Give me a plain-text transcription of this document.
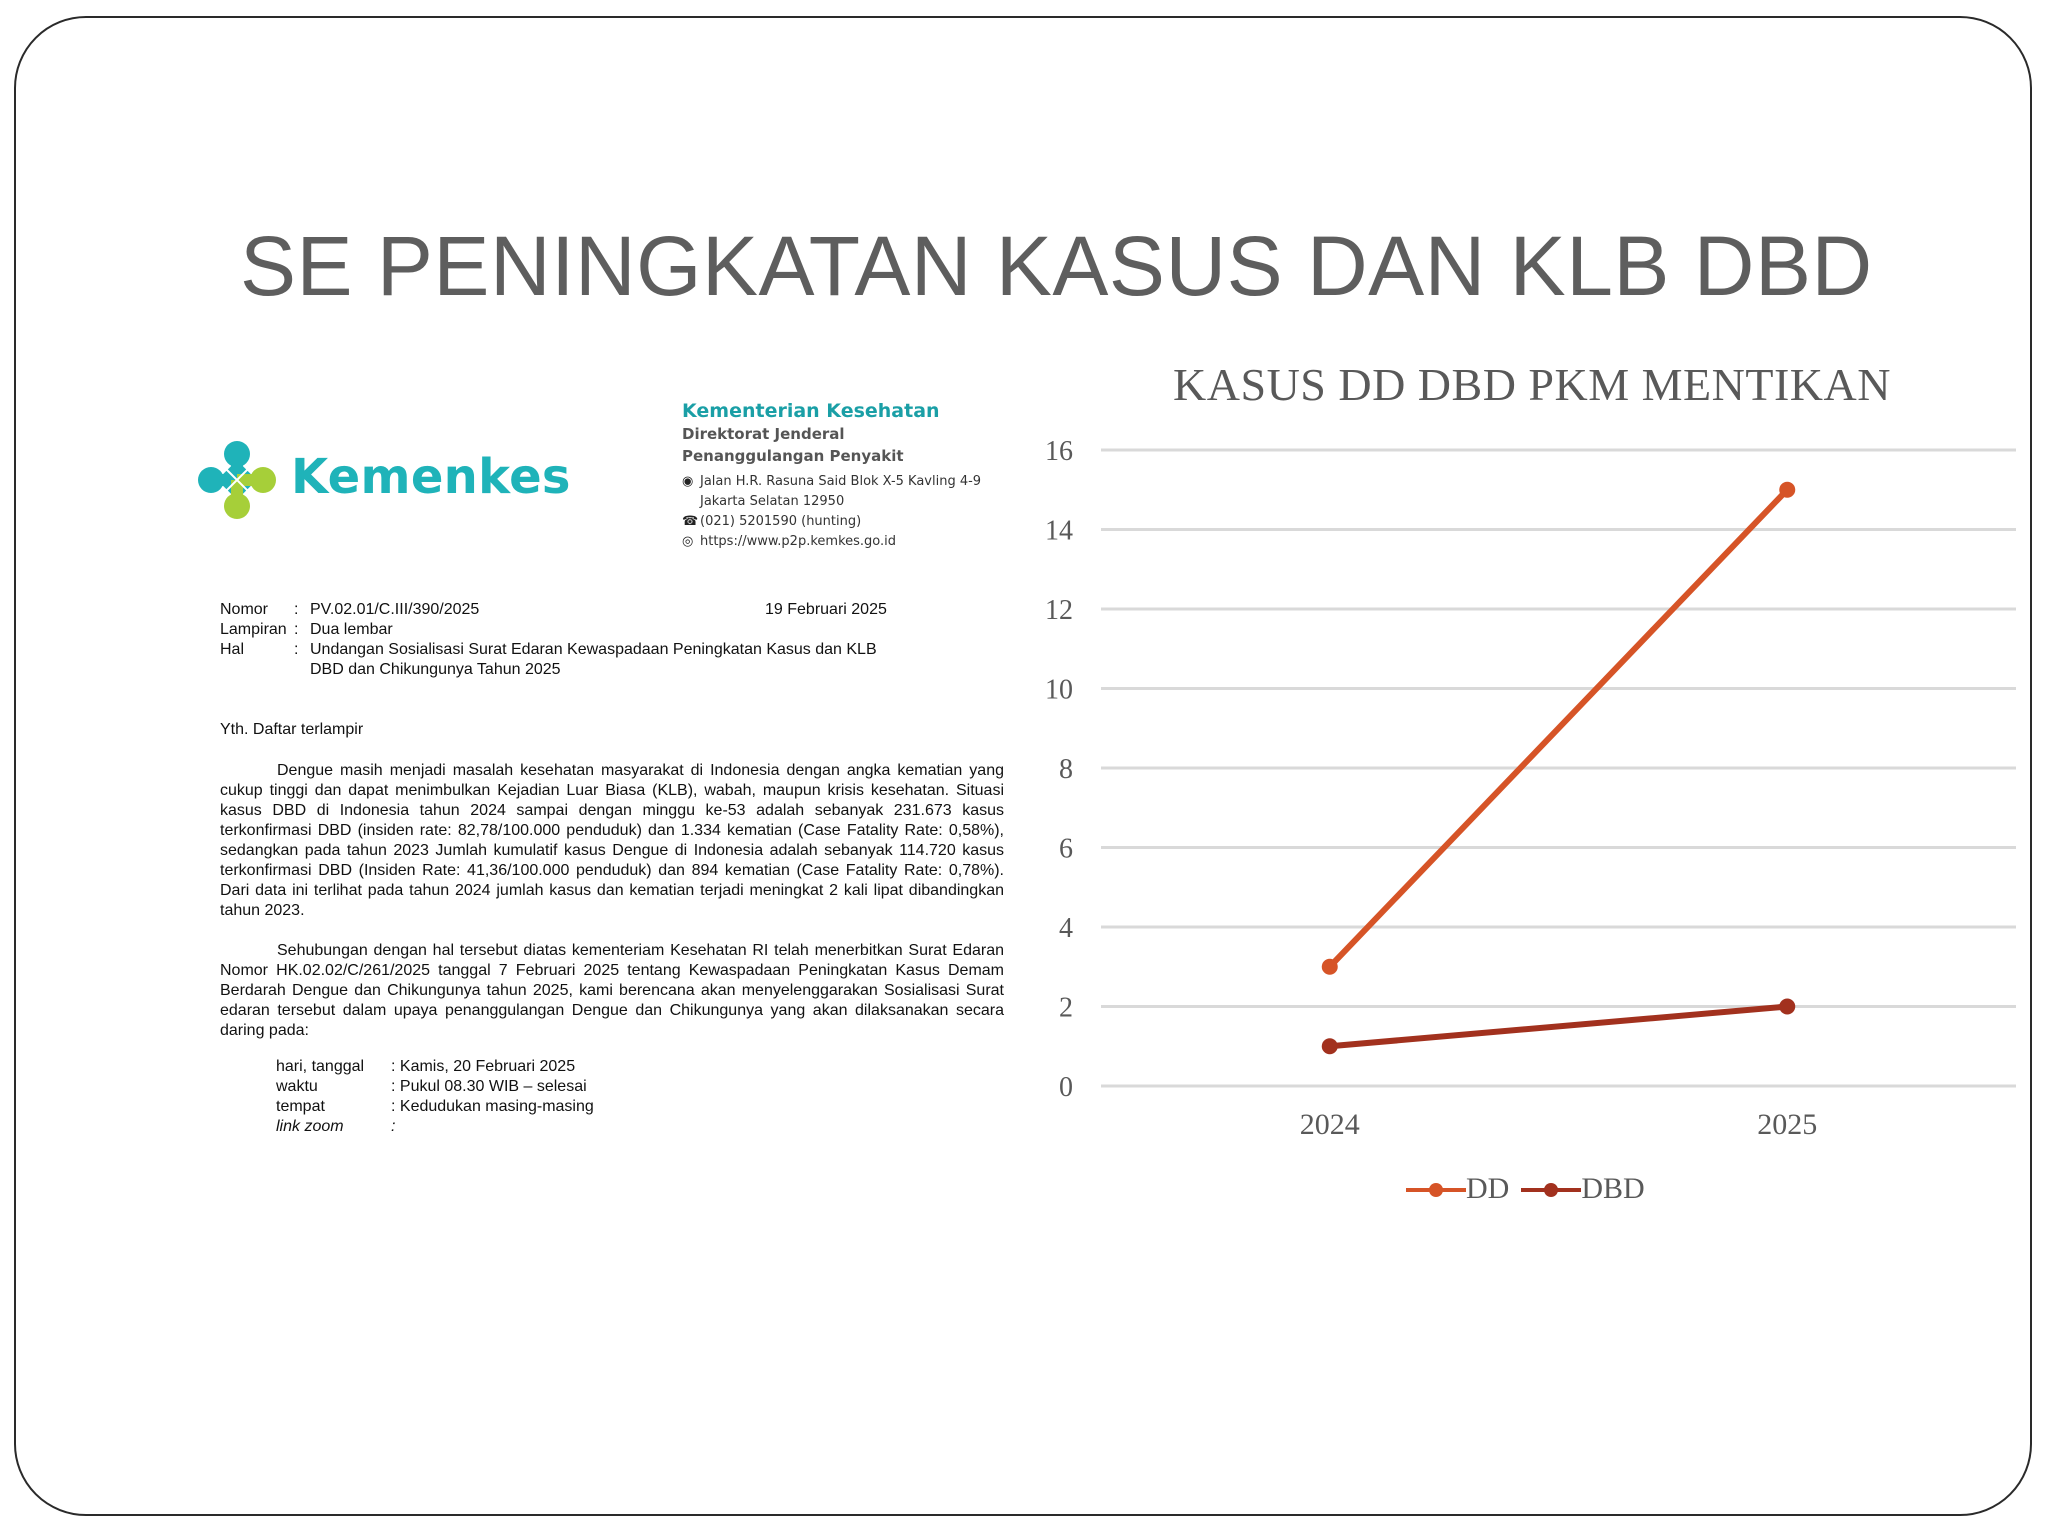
SE PENINGKATAN KASUS DAN KLB DBD
Kemenkes
Kementerian Kesehatan
Direktorat Jenderal
Penanggulangan Penyakit
◉ Jalan H.R. Rasuna Said Blok X-5 Kavling 4-9
Jakarta Selatan 12950
☎ (021) 5201590 (hunting)
◎ https://www.p2p.kemkes.go.id
Nomor	: PV.02.01/C.III/390/2025	19 Februari 2025
Lampiran : Dua lembar
Hal	: Undangan Sosialisasi Surat Edaran Kewaspadaan Peningkatan Kasus dan KLB
DBD dan Chikungunya Tahun 2025
Yth. Daftar terlampir
Dengue masih menjadi masalah kesehatan masyarakat di Indonesia dengan angka kematian yang cukup tinggi dan dapat menimbulkan Kejadian Luar Biasa (KLB), wabah, maupun krisis kesehatan. Situasi kasus DBD di Indonesia tahun 2024 sampai dengan minggu ke-53 adalah sebanyak 231.673 kasus terkonfirmasi DBD (insiden rate: 82,78/100.000 penduduk) dan 1.334 kematian (Case Fatality Rate: 0,58%), sedangkan pada tahun 2023 Jumlah kumulatif kasus Dengue di Indonesia adalah sebanyak 114.720 kasus terkonfirmasi DBD (Insiden Rate: 41,36/100.000 penduduk) dan 894 kematian (Case Fatality Rate: 0,78%). Dari data ini terlihat pada tahun 2024 jumlah kasus dan kematian terjadi meningkat 2 kali lipat dibandingkan tahun 2023.
Sehubungan dengan hal tersebut diatas kementeriam Kesehatan RI telah menerbitkan Surat Edaran Nomor HK.02.02/C/261/2025 tanggal 7 Februari 2025 tentang Kewaspadaan Peningkatan Kasus Demam Berdarah Dengue dan Chikungunya tahun 2025, kami berencana akan menyelenggarakan Sosialisasi Surat edaran tersebut dalam upaya penanggulangan Dengue dan Chikungunya yang akan dilaksanakan secara daring pada:
hari, tanggal	: Kamis, 20 Februari 2025
waktu	: Pukul 08.30 WIB – selesai
tempat	: Kedudukan masing-masing
link zoom	:
KASUS DD DBD PKM MENTIKAN
0
2
4
6
8
10
12
14
16
2024	2025
DD DBD
